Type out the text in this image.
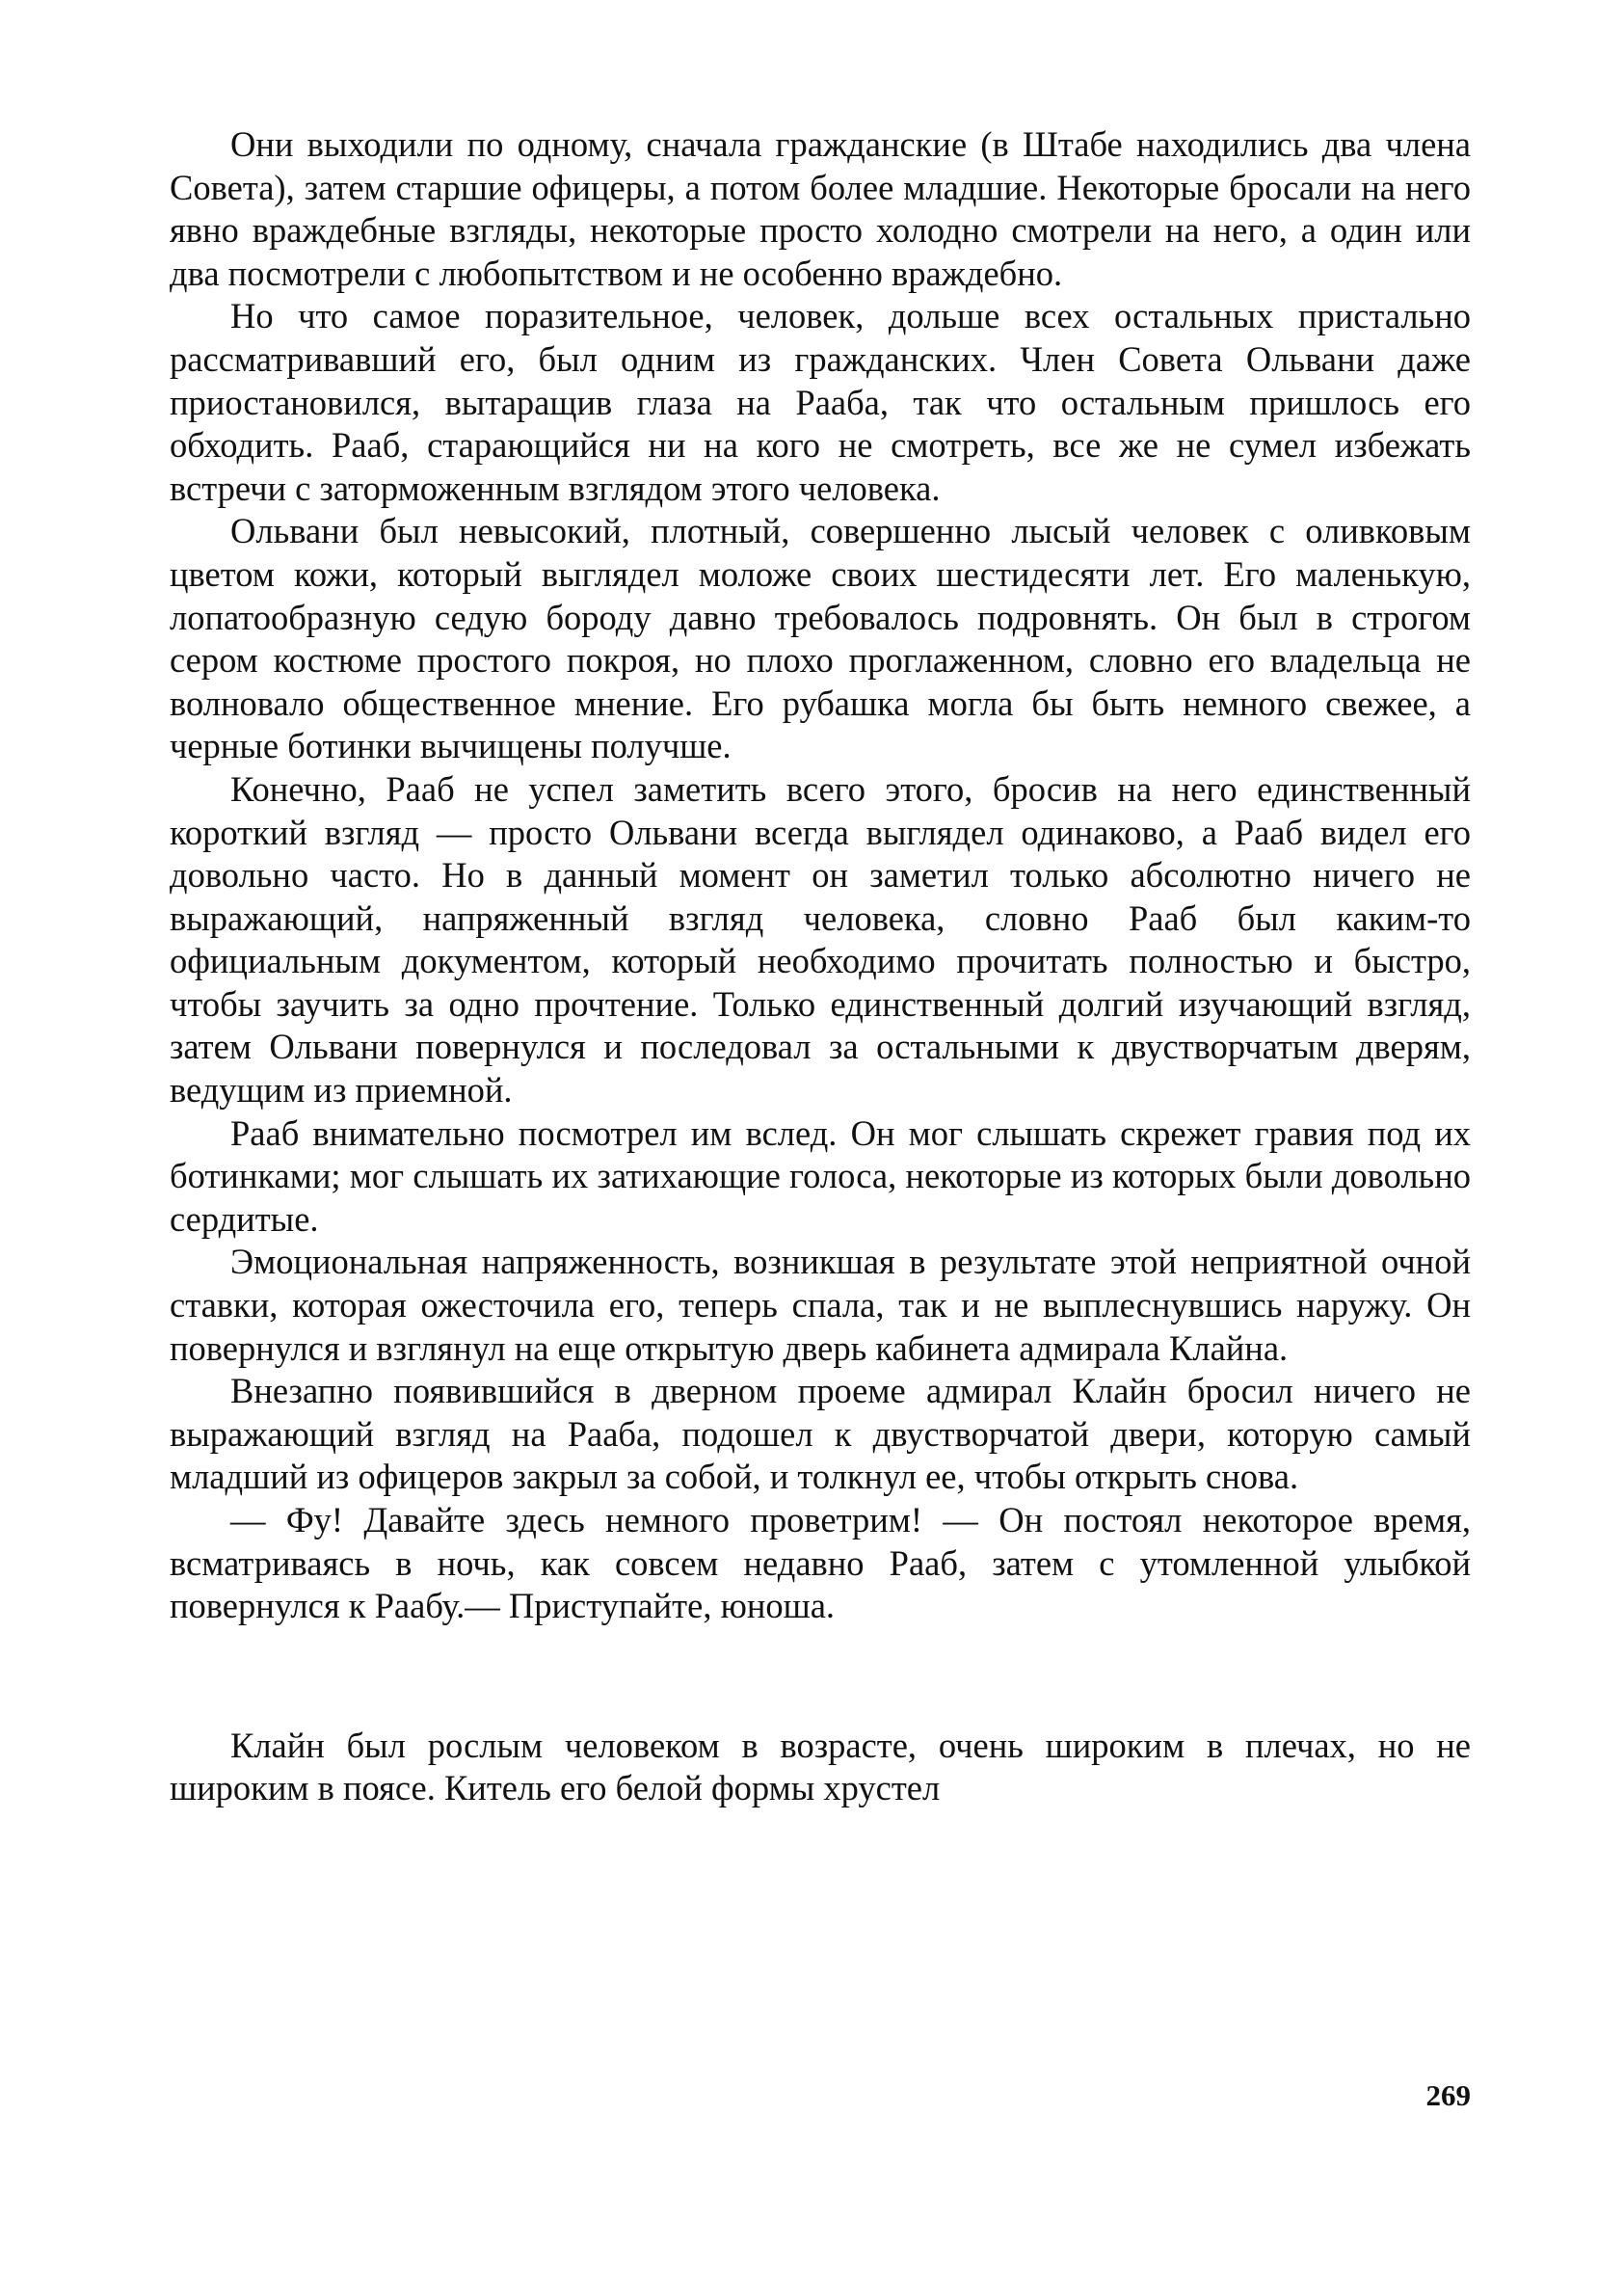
Они выходили по одному, сначала гражданские (в Штабе находились два члена Совета), затем старшие офицеры, а потом более младшие. Некоторые бросали на него явно враждебные взгляды, некоторые просто холодно смотрели на него, а один или два посмотрели с любопытством и не особенно враждебно.

Но что самое поразительное, человек, дольше всех остальных пристально рассматривавший его, был одним из гражданских. Член Совета Ольвани даже приостановился, вытаращив глаза на Рааба, так что остальным пришлось его обходить. Рааб, старающийся ни на кого не смотреть, все же не сумел избежать встречи с заторможенным взглядом этого человека.

Ольвани был невысокий, плотный, совершенно лысый человек с оливковым цветом кожи, который выглядел моложе своих шестидесяти лет. Его маленькую, лопатообразную седую бороду давно требовалось подровнять. Он был в строгом сером костюме простого покроя, но плохо проглаженном, словно его владельца не волновало общественное мнение. Его рубашка могла бы быть немного свежее, а черные ботинки вычищены получше.

Конечно, Рааб не успел заметить всего этого, бросив на него единственный короткий взгляд — просто Ольвани всегда выглядел одинаково, а Рааб видел его довольно часто. Но в данный момент он заметил только абсолютно ничего не выражающий, напряженный взгляд человека, словно Рааб был каким-то официальным документом, который необходимо прочитать полностью и быстро, чтобы заучить за одно прочтение. Только единственный долгий изучающий взгляд, затем Ольвани повернулся и последовал за остальными к двустворчатым дверям, ведущим из приемной.

Рааб внимательно посмотрел им вслед. Он мог слышать скрежет гравия под их ботинками; мог слышать их затихающие голоса, некоторые из которых были довольно сердитые.

Эмоциональная напряженность, возникшая в результате этой неприятной очной ставки, которая ожесточила его, теперь спала, так и не выплеснувшись наружу. Он повернулся и взглянул на еще открытую дверь кабинета адмирала Клайна.

Внезапно появившийся в дверном проеме адмирал Клайн бросил ничего не выражающий взгляд на Рааба, подошел к двустворчатой двери, которую самый младший из офицеров закрыл за собой, и толкнул ее, чтобы открыть снова.

— Фу! Давайте здесь немного проветрим! — Он постоял некоторое время, всматриваясь в ночь, как совсем недавно Рааб, затем с утомленной улыбкой повернулся к Раабу.— Приступайте, юноша.

Клайн был рослым человеком в возрасте, очень широким в плечах, но не широким в поясе. Китель его белой формы хрустел

269
